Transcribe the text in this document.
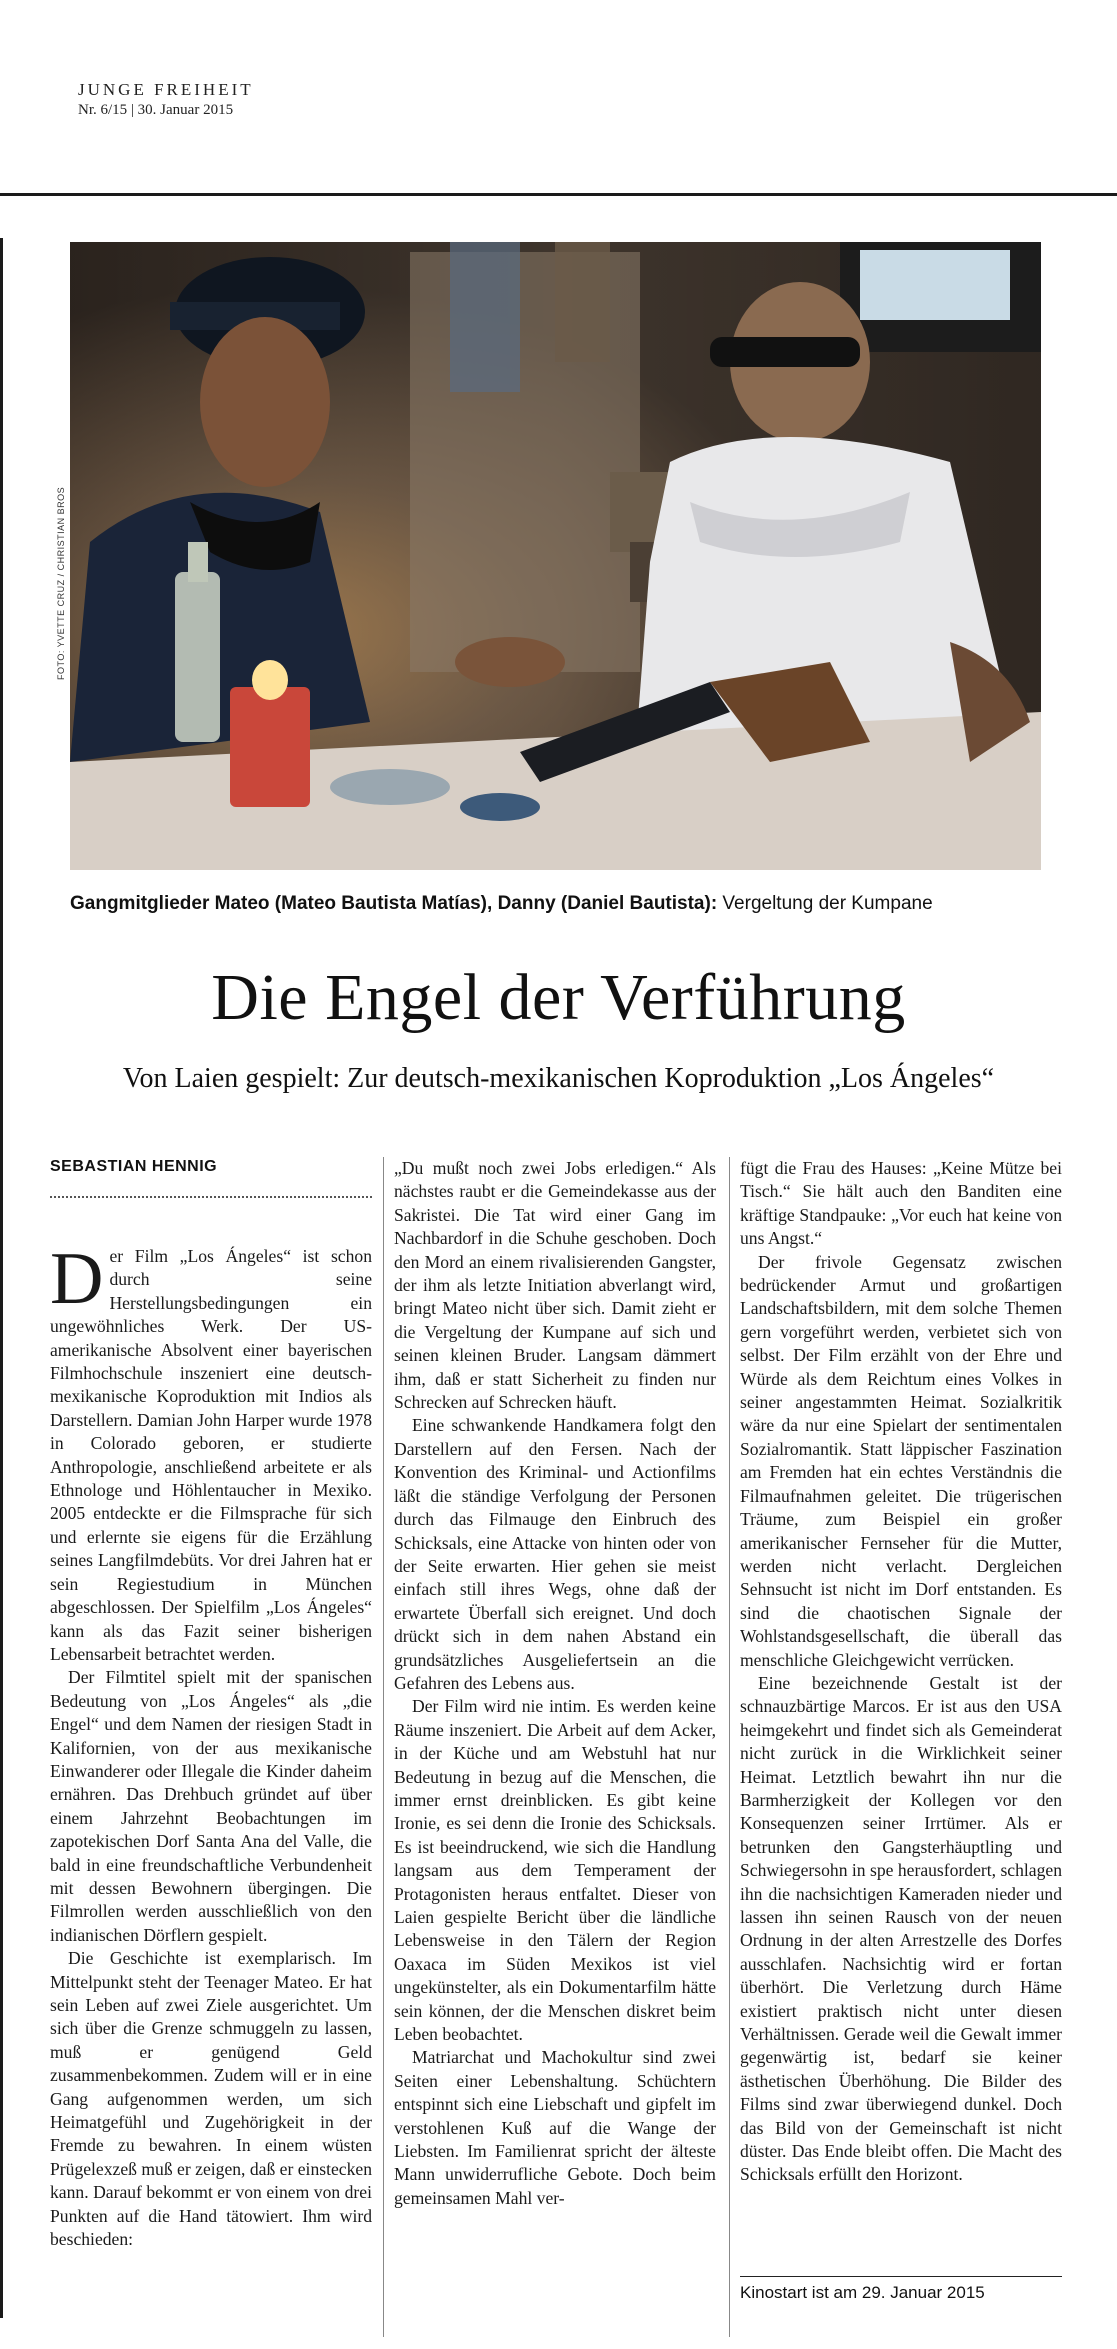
JUNGE FREIHEIT
Nr. 6/15 | 30. Januar 2015
FOTO: YVETTE CRUZ / CHRISTIAN BROS
Gangmitglieder Mateo (Mateo Bautista Matías), Danny (Daniel Bautista): Vergeltung der Kumpane
Die Engel der Verführung
Von Laien gespielt: Zur deutsch-mexikanischen Koproduktion „Los Ángeles“
SEBASTIAN HENNIG

Der Film „Los Ángeles“ ist schon durch seine Herstellungsbedingungen ein ungewöhnliches Werk. Der US-amerikanische Absolvent einer bayerischen Filmhochschule inszeniert eine deutsch-mexikanische Koproduktion mit Indios als Darstellern. Damian John Harper wurde 1978 in Colorado geboren, er studierte Anthropologie, anschließend arbeitete er als Ethnologe und Höhlentaucher in Mexiko. 2005 entdeckte er die Filmsprache für sich und erlernte sie eigens für die Erzählung seines Langfilmdebüts. Vor drei Jahren hat er sein Regiestudium in München abgeschlossen. Der Spielfilm „Los Ángeles“ kann als das Fazit seiner bisherigen Lebensarbeit betrachtet werden.

Der Filmtitel spielt mit der spanischen Bedeutung von „Los Ángeles“ als „die Engel“ und dem Namen der riesigen Stadt in Kalifornien, von der aus mexikanische Einwanderer oder Illegale die Kinder daheim ernähren. Das Drehbuch gründet auf über einem Jahrzehnt Beobachtungen im zapotekischen Dorf Santa Ana del Valle, die bald in eine freundschaftliche Verbundenheit mit dessen Bewohnern übergingen. Die Filmrollen werden ausschließlich von den indianischen Dörflern gespielt.

Die Geschichte ist exemplarisch. Im Mittelpunkt steht der Teenager Mateo. Er hat sein Leben auf zwei Ziele ausgerichtet. Um sich über die Grenze schmuggeln zu lassen, muß er genügend Geld zusammenbekommen. Zudem will er in eine Gang aufgenommen werden, um sich Heimatgefühl und Zugehörigkeit in der Fremde zu bewahren. In einem wüsten Prügelexzeß muß er zeigen, daß er einstecken kann. Darauf bekommt er von einem von drei Punkten auf die Hand tätowiert. Ihm wird beschieden:

„Du mußt noch zwei Jobs erledigen.“ Als nächstes raubt er die Gemeindekasse aus der Sakristei. Die Tat wird einer Gang im Nachbardorf in die Schuhe geschoben. Doch den Mord an einem rivalisierenden Gangster, der ihm als letzte Initiation abverlangt wird, bringt Mateo nicht über sich. Damit zieht er die Vergeltung der Kumpane auf sich und seinen kleinen Bruder. Langsam dämmert ihm, daß er statt Sicherheit zu finden nur Schrecken auf Schrecken häuft.

Eine schwankende Handkamera folgt den Darstellern auf den Fersen. Nach der Konvention des Kriminal- und Actionfilms läßt die ständige Verfolgung der Personen durch das Filmauge den Einbruch des Schicksals, eine Attacke von hinten oder von der Seite erwarten. Hier gehen sie meist einfach still ihres Wegs, ohne daß der erwartete Überfall sich ereignet. Und doch drückt sich in dem nahen Abstand ein grundsätzliches Ausgeliefertsein an die Gefahren des Lebens aus.

Der Film wird nie intim. Es werden keine Räume inszeniert. Die Arbeit auf dem Acker, in der Küche und am Webstuhl hat nur Bedeutung in bezug auf die Menschen, die immer ernst dreinblicken. Es gibt keine Ironie, es sei denn die Ironie des Schicksals. Es ist beeindruckend, wie sich die Handlung langsam aus dem Temperament der Protagonisten heraus entfaltet. Dieser von Laien gespielte Bericht über die ländliche Lebensweise in den Tälern der Region Oaxaca im Süden Mexikos ist viel ungekünstelter, als ein Dokumentarfilm hätte sein können, der die Menschen diskret beim Leben beobachtet.

Matriarchat und Machokultur sind zwei Seiten einer Lebenshaltung. Schüchtern entspinnt sich eine Liebschaft und gipfelt im verstohlenen Kuß auf die Wange der Liebsten. Im Familienrat spricht der älteste Mann unwiderrufliche Gebote. Doch beim gemeinsamen Mahl ver-

fügt die Frau des Hauses: „Keine Mütze bei Tisch.“ Sie hält auch den Banditen eine kräftige Standpauke: „Vor euch hat keine von uns Angst.“

Der frivole Gegensatz zwischen bedrückender Armut und großartigen Landschaftsbildern, mit dem solche Themen gern vorgeführt werden, verbietet sich von selbst. Der Film erzählt von der Ehre und Würde als dem Reichtum eines Volkes in seiner angestammten Heimat. Sozialkritik wäre da nur eine Spielart der sentimentalen Sozialromantik. Statt läppischer Faszination am Fremden hat ein echtes Verständnis die Filmaufnahmen geleitet. Die trügerischen Träume, zum Beispiel ein großer amerikanischer Fernseher für die Mutter, werden nicht verlacht. Dergleichen Sehnsucht ist nicht im Dorf entstanden. Es sind die chaotischen Signale der Wohlstandsgesellschaft, die überall das menschliche Gleichgewicht verrücken.

Eine bezeichnende Gestalt ist der schnauzbärtige Marcos. Er ist aus den USA heimgekehrt und findet sich als Gemeinderat nicht zurück in die Wirklichkeit seiner Heimat. Letztlich bewahrt ihn nur die Barmherzigkeit der Kollegen vor den Konsequenzen seiner Irrtümer. Als er betrunken den Gangsterhäuptling und Schwiegersohn in spe herausfordert, schlagen ihn die nachsichtigen Kameraden nieder und lassen ihn seinen Rausch von der neuen Ordnung in der alten Arrestzelle des Dorfes ausschlafen. Nachsichtig wird er fortan überhört. Die Verletzung durch Häme existiert praktisch nicht unter diesen Verhältnissen. Gerade weil die Gewalt immer gegenwärtig ist, bedarf sie keiner ästhetischen Überhöhung. Die Bilder des Films sind zwar überwiegend dunkel. Doch das Bild von der Gemeinschaft ist nicht düster. Das Ende bleibt offen. Die Macht des Schicksals erfüllt den Horizont.

Kinostart ist am 29. Januar 2015
